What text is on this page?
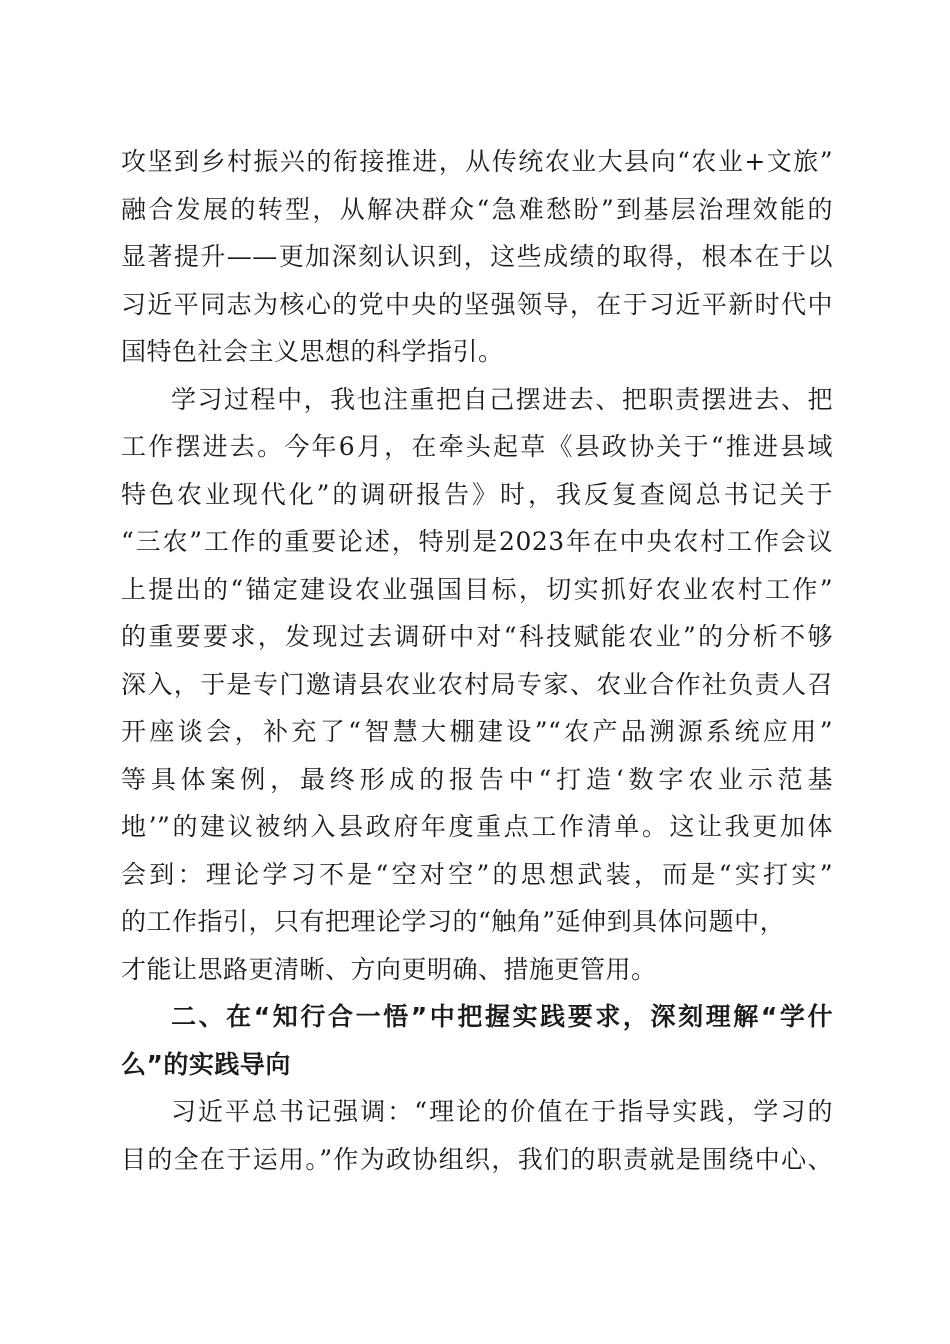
攻坚到乡村振兴的衔接推进，从传统农业大县向“农业+文旅”
融合发展的转型，从解决群众“急难愁盼”到基层治理效能的
显著提升——更加深刻认识到，这些成绩的取得，根本在于以
习近平同志为核心的党中央的坚强领导，在于习近平新时代中
国特色社会主义思想的科学指引。
学习过程中，我也注重把自己摆进去、把职责摆进去、把
工作摆进去。今年6月，在牵头起草《县政协关于“推进县域
特色农业现代化”的调研报告》时，我反复查阅总书记关于
“三农”工作的重要论述，特别是2023年在中央农村工作会议
上提出的“锚定建设农业强国目标，切实抓好农业农村工作”
的重要要求，发现过去调研中对“科技赋能农业”的分析不够
深入，于是专门邀请县农业农村局专家、农业合作社负责人召
开座谈会，补充了“智慧大棚建设”“农产品溯源系统应用”
等具体案例，最终形成的报告中“打造‘数字农业示范基
地’”的建议被纳入县政府年度重点工作清单。这让我更加体
会到：理论学习不是“空对空”的思想武装，而是“实打实”
的工作指引，只有把理论学习的“触角”延伸到具体问题中，
才能让思路更清晰、方向更明确、措施更管用。
二、在“知行合一悟”中把握实践要求，深刻理解“学什
么”的实践导向
习近平总书记强调：“理论的价值在于指导实践，学习的
目的全在于运用。”作为政协组织，我们的职责就是围绕中心、
